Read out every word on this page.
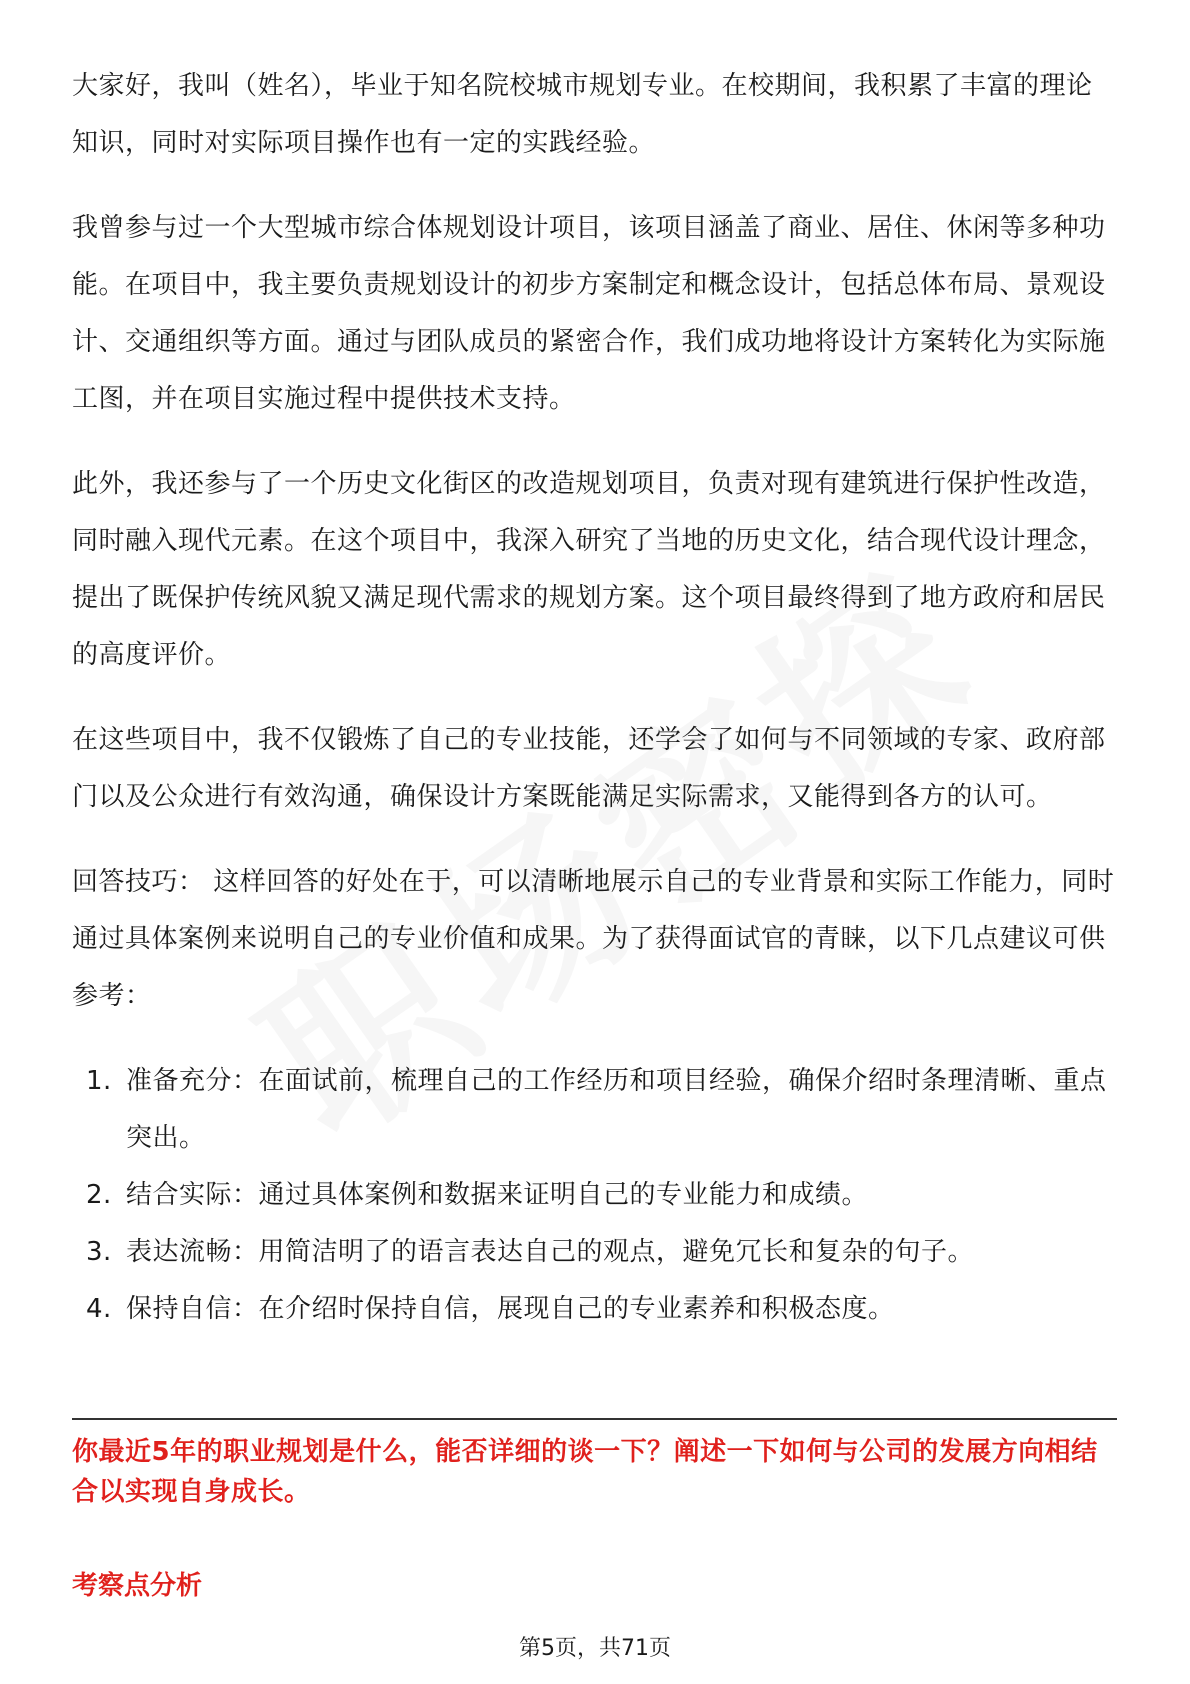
大家好，我叫（姓名），毕业于知名院校城市规划专业。在校期间，我积累了丰富的理论知识，同时对实际项目操作也有一定的实践经验。

我曾参与过一个大型城市综合体规划设计项目，该项目涵盖了商业、居住、休闲等多种功能。在项目中，我主要负责规划设计的初步方案制定和概念设计，包括总体布局、景观设计、交通组织等方面。通过与团队成员的紧密合作，我们成功地将设计方案转化为实际施工图，并在项目实施过程中提供技术支持。

此外，我还参与了一个历史文化街区的改造规划项目，负责对现有建筑进行保护性改造，同时融入现代元素。在这个项目中，我深入研究了当地的历史文化，结合现代设计理念，提出了既保护传统风貌又满足现代需求的规划方案。这个项目最终得到了地方政府和居民的高度评价。

在这些项目中，我不仅锻炼了自己的专业技能，还学会了如何与不同领域的专家、政府部门以及公众进行有效沟通，确保设计方案既能满足实际需求，又能得到各方的认可。

回答技巧： 这样回答的好处在于，可以清晰地展示自己的专业背景和实际工作能力，同时通过具体案例来说明自己的专业价值和成果。为了获得面试官的青睐，以下几点建议可供参考：

1. 准备充分：在面试前，梳理自己的工作经历和项目经验，确保介绍时条理清晰、重点突出。
2. 结合实际：通过具体案例和数据来证明自己的专业能力和成绩。
3. 表达流畅：用简洁明了的语言表达自己的观点，避免冗长和复杂的句子。
4. 保持自信：在介绍时保持自信，展现自己的专业素养和积极态度。

你最近5年的职业规划是什么，能否详细的谈一下？阐述一下如何与公司的发展方向相结合以实现自身成长。

考察点分析

第5页，共71页
